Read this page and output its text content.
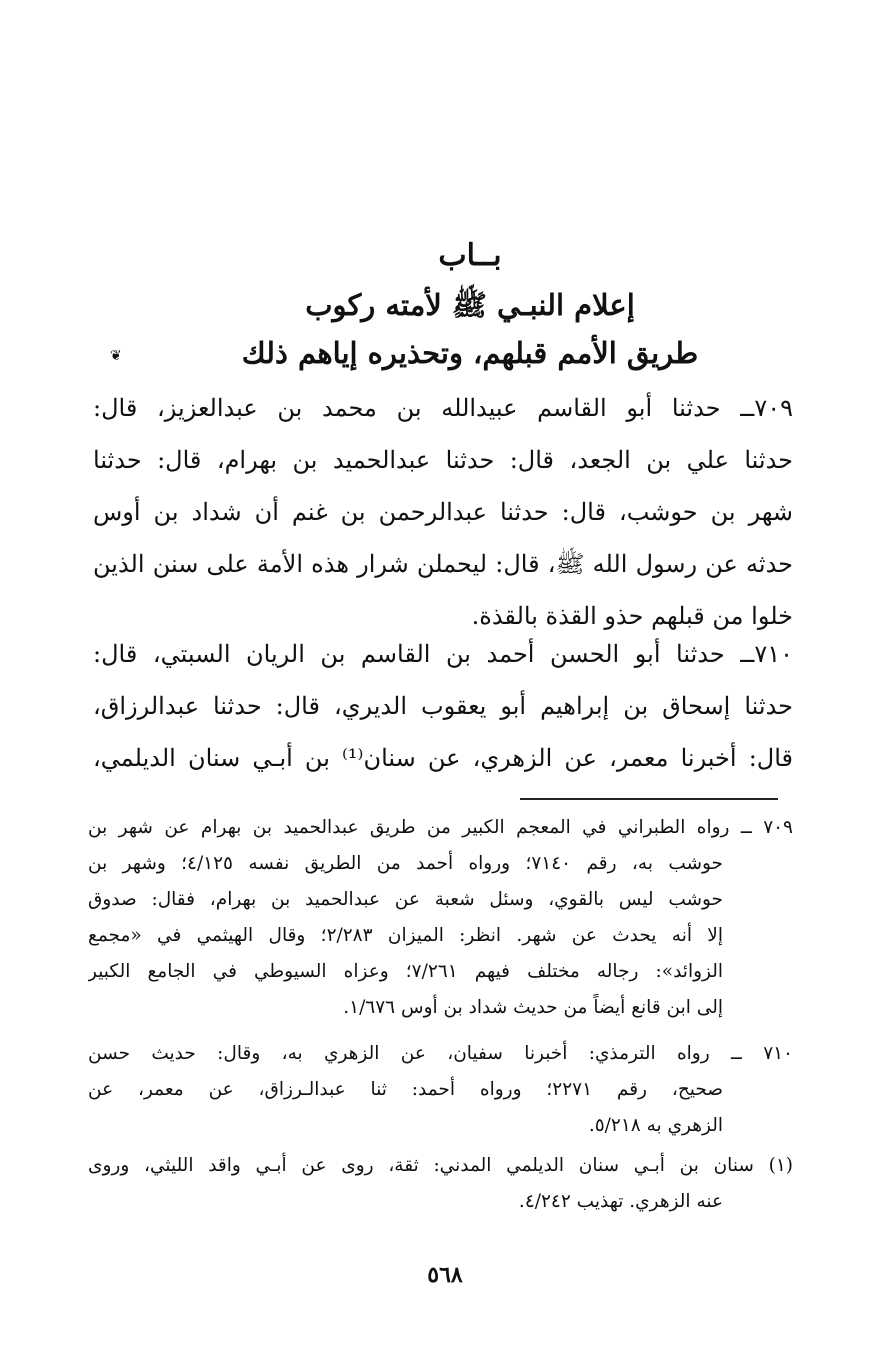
بــاب
إعلام النبـي ﷺ لأمته ركوب
طريق الأمم قبلهم، وتحذيره إياهم ذلك
❦
٧٠٩ــ حدثنا أبو القاسم عبيدالله بن محمد بن عبدالعزيز، قال:
حدثنا علي بن الجعد، قال: حدثنا عبدالحميد بن بهرام، قال: حدثنا
شهر بن حوشب، قال: حدثنا عبدالرحمن بن غنم أن شداد بن أوس
حدثه عن رسول الله ﷺ، قال: ليحملن شرار هذه الأمة على سنن الذين
خلوا من قبلهم حذو القذة بالقذة.
٧١٠ــ حدثنا أبو الحسن أحمد بن القاسم بن الريان السبتي، قال:
حدثنا إسحاق بن إبراهيم أبو يعقوب الديري، قال: حدثنا عبدالرزاق،
قال: أخبرنا معمر، عن الزهري، عن سنان⁽¹⁾ بن أبـي سنان الديلمي،
٧٠٩ ــ رواه الطبراني في المعجم الكبير من طريق عبدالحميد بن بهرام عن شهر بن
حوشب به، رقم ٧١٤٠؛ ورواه أحمد من الطريق نفسه ٤/١٢٥؛ وشهر بن
حوشب ليس بالقوي، وسئل شعبة عن عبدالحميد بن بهرام، فقال: صدوق
إلا أنه يحدث عن شهر. انظر: الميزان ٢/٢٨٣؛ وقال الهيثمي في «مجمع
الزوائد»: رجاله مختلف فيهم ٧/٢٦١؛ وعزاه السيوطي في الجامع الكبير
إلى ابن قانع أيضاً من حديث شداد بن أوس ١/٦٧٦.
٧١٠ ــ رواه الترمذي: أخبرنا سفيان، عن الزهري به، وقال: حديث حسن
صحيح، رقم ٢٢٧١؛ ورواه أحمد: ثنا عبدالـرزاق، عن معمر، عن
الزهري به ٥/٢١٨.
(١) سنان بن أبـي سنان الديلمي المدني: ثقة، روى عن أبـي واقد الليثي، وروى
عنه الزهري. تهذيب ٤/٢٤٢.
٥٦٨
